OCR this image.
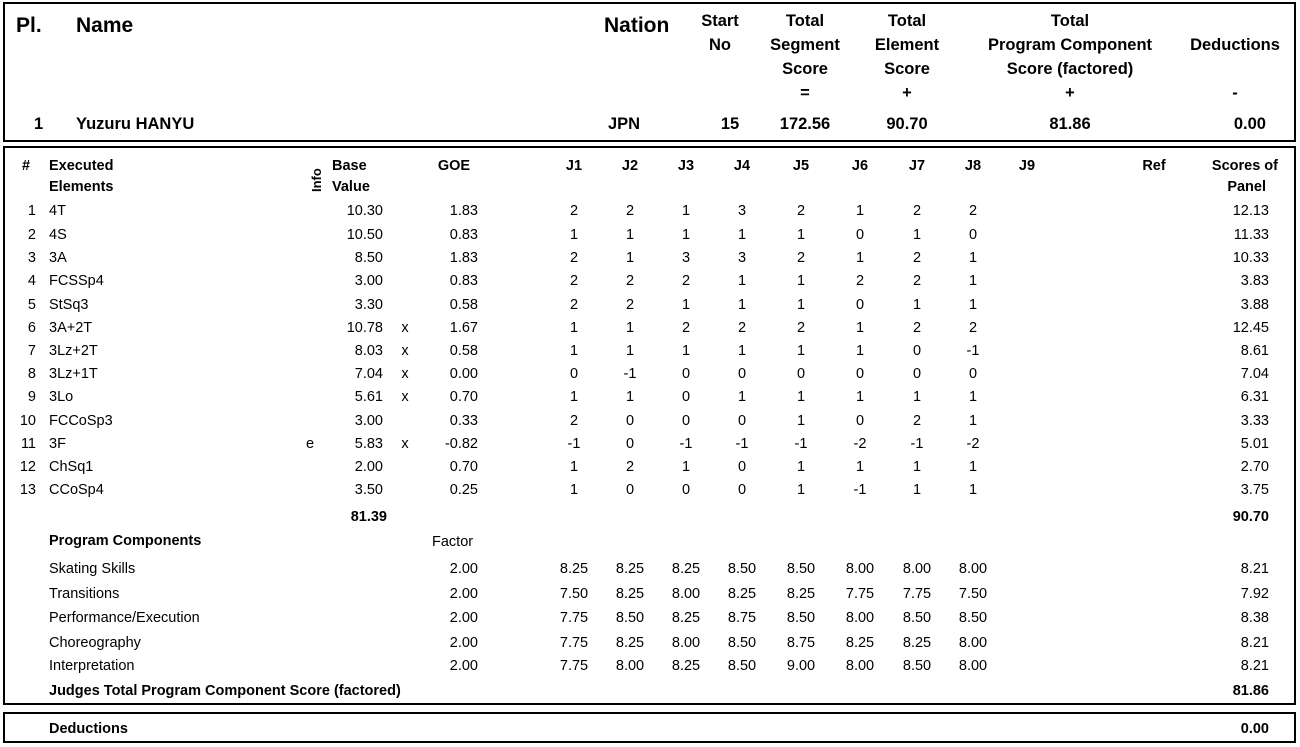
Pl. Name	Nation	Start
No
Total
Segment
Score
=
Total
Element
Score
+
Total
Program Component
Score (factored)
+
Deductions
-
1 Yuzuru HANYU	JPN	15	172.56	90.70	81.86	0.00
# Executed
Elements	Info
Base
Value
GOE	J1	J2	J3	J4	J5	J6	J7	J8	J9	Ref	Scores of
Panel
1 4T	10.30	1.83	2	2	1	3	2	1	2	2	12.13
2 4S	10.50	0.83	1	1	1	1	1	0	1	0	11.33
3 3A	8.50	1.83	2	1	3	3	2	1	2	1	10.33
4 FCSSp4	3.00	0.83	2	2	2	1	1	2	2	1	3.83
5 StSq3	3.30	0.58	2	2	1	1	1	0	1	1	3.88
6 3A+2T	10.78	x	1.67	1	1	2	2	2	1	2	2	12.45
7 3Lz+2T	8.03	x	0.58	1	1	1	1	1	1	0	-1	8.61
8 3Lz+1T	7.04	x	0.00	0	-1	0	0	0	0	0	0	7.04
9 3Lo	5.61	x	0.70	1	1	0	1	1	1	1	1	6.31
10 FCCoSp3	3.00	0.33	2	0	0	0	1	0	2	1	3.33
11 3F	e	5.83	x	-0.82	-1	0	-1	-1	-1	-2	-1	-2	5.01
12 ChSq1	2.00	0.70	1	2	1	0	1	1	1	1	2.70
13 CCoSp4	3.50	0.25	1	0	0	0	1	-1	1	1	3.75
81.39	90.70
Program Components	Factor
Skating Skills	2.00	8.25	8.25	8.25	8.50	8.50	8.00	8.00	8.00	8.21
Transitions	2.00	7.50	8.25	8.00	8.25	8.25	7.75	7.75	7.50	7.92
Performance/Execution	2.00	7.75	8.50	8.25	8.75	8.50	8.00	8.50	8.50	8.38
Choreography	2.00	7.75	8.25	8.00	8.50	8.75	8.25	8.25	8.00	8.21
Interpretation	2.00	7.75	8.00	8.25	8.50	9.00	8.00	8.50	8.00	8.21
Judges Total Program Component Score (factored)	81.86
Deductions	0.00
